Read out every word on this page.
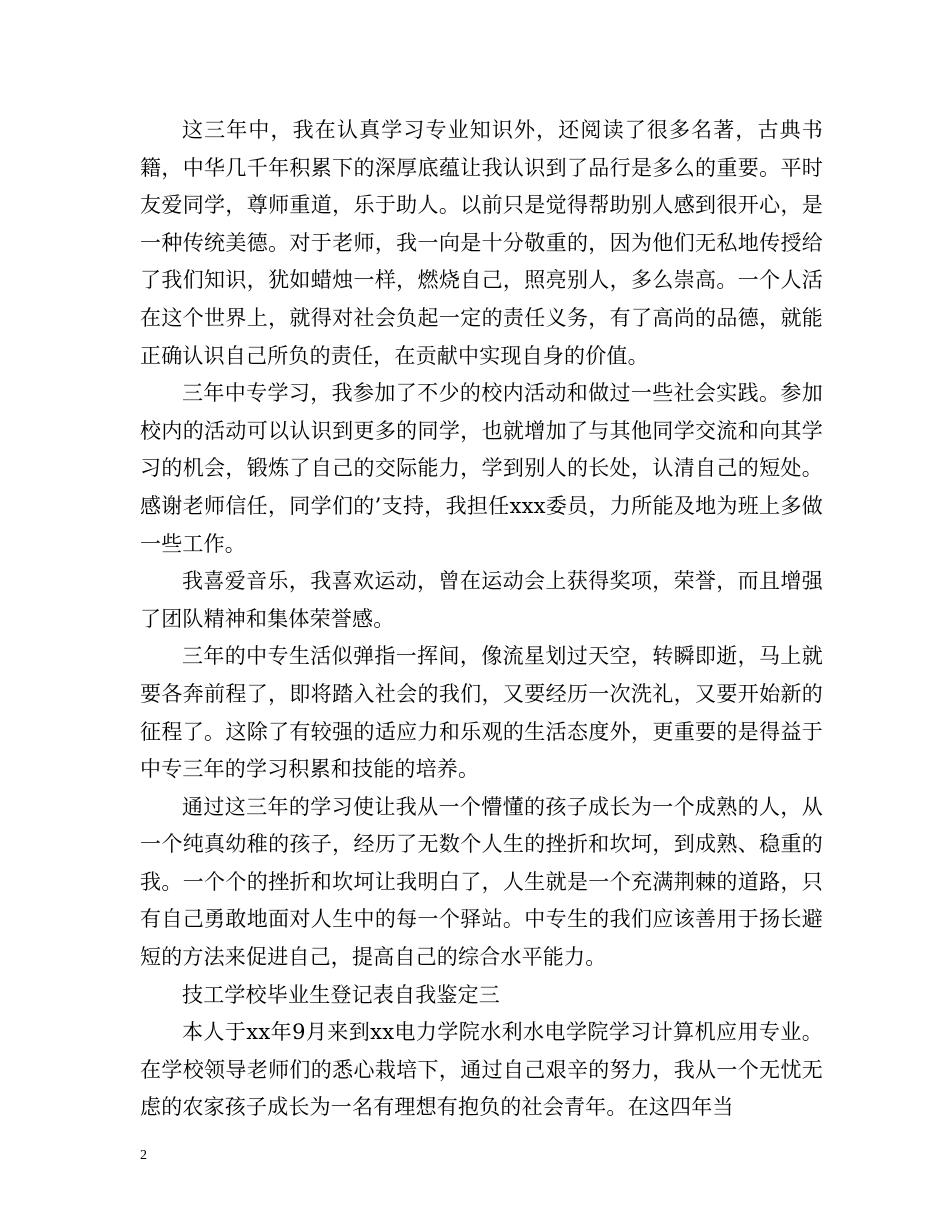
这三年中，我在认真学习专业知识外，还阅读了很多名著，古典书籍，中华几千年积累下的深厚底蕴让我认识到了品行是多么的重要。平时友爱同学，尊师重道，乐于助人。以前只是觉得帮助别人感到很开心，是一种传统美德。对于老师，我一向是十分敬重的，因为他们无私地传授给了我们知识，犹如蜡烛一样，燃烧自己，照亮别人，多么崇高。一个人活在这个世界上，就得对社会负起一定的责任义务，有了高尚的品德，就能正确认识自己所负的责任，在贡献中实现自身的价值。

三年中专学习，我参加了不少的校内活动和做过一些社会实践。参加校内的活动可以认识到更多的同学，也就增加了与其他同学交流和向其学习的机会，锻炼了自己的交际能力，学到别人的长处，认清自己的短处。感谢老师信任，同学们的’支持，我担任xxx委员，力所能及地为班上多做一些工作。

我喜爱音乐，我喜欢运动，曾在运动会上获得奖项，荣誉，而且增强了团队精神和集体荣誉感。

三年的中专生活似弹指一挥间，像流星划过天空，转瞬即逝，马上就要各奔前程了，即将踏入社会的我们，又要经历一次洗礼，又要开始新的征程了。这除了有较强的适应力和乐观的生活态度外，更重要的是得益于中专三年的学习积累和技能的培养。

通过这三年的学习使让我从一个懵懂的孩子成长为一个成熟的人，从一个纯真幼稚的孩子，经历了无数个人生的挫折和坎坷，到成熟、稳重的我。一个个的挫折和坎坷让我明白了，人生就是一个充满荆棘的道路，只有自己勇敢地面对人生中的每一个驿站。中专生的我们应该善用于扬长避短的方法来促进自己，提高自己的综合水平能力。

技工学校毕业生登记表自我鉴定三

本人于xx年9月来到xx电力学院水利水电学院学习计算机应用专业。在学校领导老师们的悉心栽培下，通过自己艰辛的努力，我从一个无忧无虑的农家孩子成长为一名有理想有抱负的社会青年。在这四年当

2
